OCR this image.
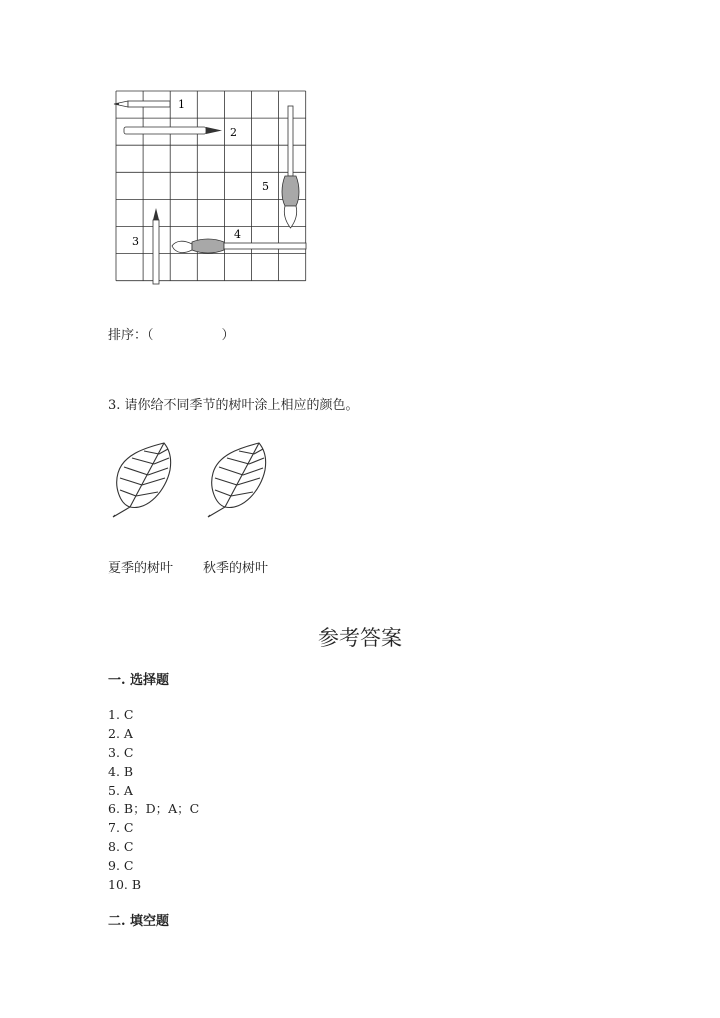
1
2
3
4
5
排序：（	）
3. 请你给不同季节的树叶涂上相应的颜色。
夏季的树叶 秋季的树叶
参考答案
一. 选择题
1. C
2. A
3. C
4. B
5. A
6. B；D；A；C
7. C
8. C
9. C
10. B
二. 填空题
